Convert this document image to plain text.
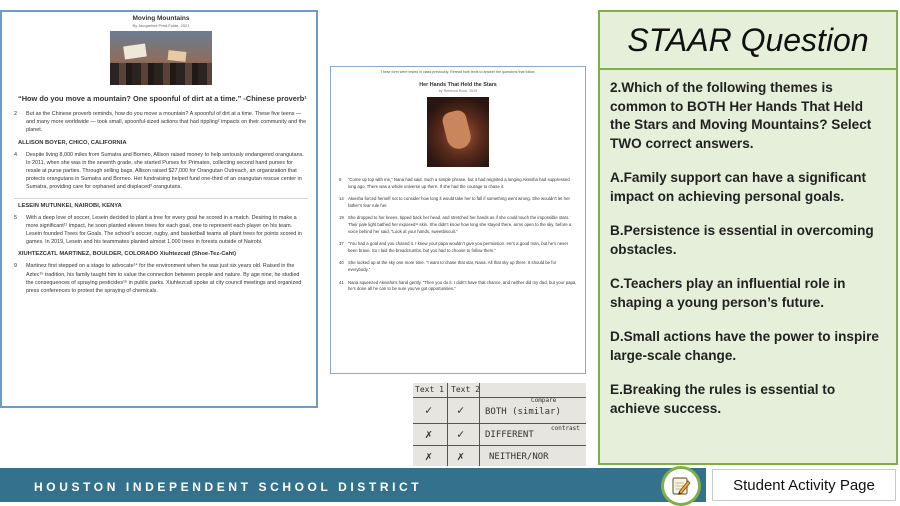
Moving Mountains
By Jacqueline Pratt-Fulde, 2021
“How do you move a mountain? One spoonful of dirt at a time.” -Chinese proverb¹
2 But as the Chinese proverb reminds, how do you move a mountain? A spoonful of dirt at a time. These five teens — and many more worldwide — took small, spoonful-sized actions that had rippling² impacts on their community and the planet.
ALLISON BOYER, CHICO, CALIFORNIA
4 Despite living 8,000 miles from Sumatra and Borneo, Allison raised money to help seriously endangered orangutans. In 2011, when she was in the seventh grade, she started Purses for Primates, collecting second hand purses for resale at purse parties. Through selling bags, Allison raised $27,000 for Orangutan Outreach, an organization that protects orangutans in Sumatra and Borneo. Her fundraising helped fund one-third of an orangutan rescue center in Sumatra, providing care for orphaned and displaced³ orangutans.
LESEIN MUTUNKEI, NAIROBI, KENYA
5 With a deep love of soccer, Lesein decided to plant a tree for every goal he scored in a match. Desiring to make a more significant¹¹ impact, he soon planted eleven trees for each goal, one to represent each player on his team. Lesein founded Trees for Goals. The school’s soccer, rugby, and basketball teams all plant trees for points scored in games. In 2019, Lesein and his teammates planted almost 1,000 trees in forests outside of Nairobi.
XIUHTEZCATL MARTINEZ, BOULDER, COLORADO Xiuhtezcatl (Shoe-Tez-Caht)
9 Martinez first stepped on a stage to advocate¹⁴ for the environment when he was just six years old. Raised in the Aztec¹⁵ tradition, his family taught him to value the connection between people and nature. By age nine, he studied the consequences of spraying pesticides¹⁶ in public parks. Xiuhtezcatl spoke at city council meetings and organized press conferences to protest the spraying of chemicals.
These form were tested in class previously. Reread both texts to answer the questions that follow.
Her Hands That Held the Stars
by Rebecca Roch, 2019
9 “Come up top with me,” Nana had said. Such a simple phrase, but it had reignited a longing Akeisha had suppressed long ago. There was a whole universe up there. If she had the courage to chase it.
14 Akeisha forced herself not to consider how long it would take her to fall if something went wrong. She wouldn’t let her father’s fear rule her.
19 She dropped to her knees, tipped back her head, and stretched her hands as if she could touch the impossible stars. Their pale light bathed her exposed¹² skin. She didn’t know how long she stayed there, arms open to the sky, before a voice behind her said, “Look at your hands, sweetbiscuit.”
37 “You had a goal and you chased it. I knew your papa wouldn’t give you permission. He’s a good man, but he’s never been brave. So I laid the breadcrumbs, but you had to choose to follow them.”
40 She looked up at the sky one more time. “I want to chase that star, Nana. All that sky up there. It should be for everybody.”
41 Nana squeezed Akeisha’s hand gently. “Then you do it. I didn’t have that chance, and neither did my dad, but your papa, he’s done all he can to be sure you’ve got opportunities.”
Text 1 Text 2
✓ ✓
Compare
BOTH (similar)
✗ ✓ DIFFERENT
contrast
✗ ✗	NEITHER/NOR
STAAR Question

2.Which of the following themes is common to BOTH Her Hands That Held the Stars and Moving Mountains? Select TWO correct answers.

A.Family support can have a significant impact on achieving personal goals.

B.Persistence is essential in overcoming obstacles.

C.Teachers play an influential role in shaping a young person’s future.

D.Small actions have the power to inspire large-scale change.

E.Breaking the rules is essential to achieve success.

HOUSTON INDEPENDENT SCHOOL DISTRICT	Student Activity Page
